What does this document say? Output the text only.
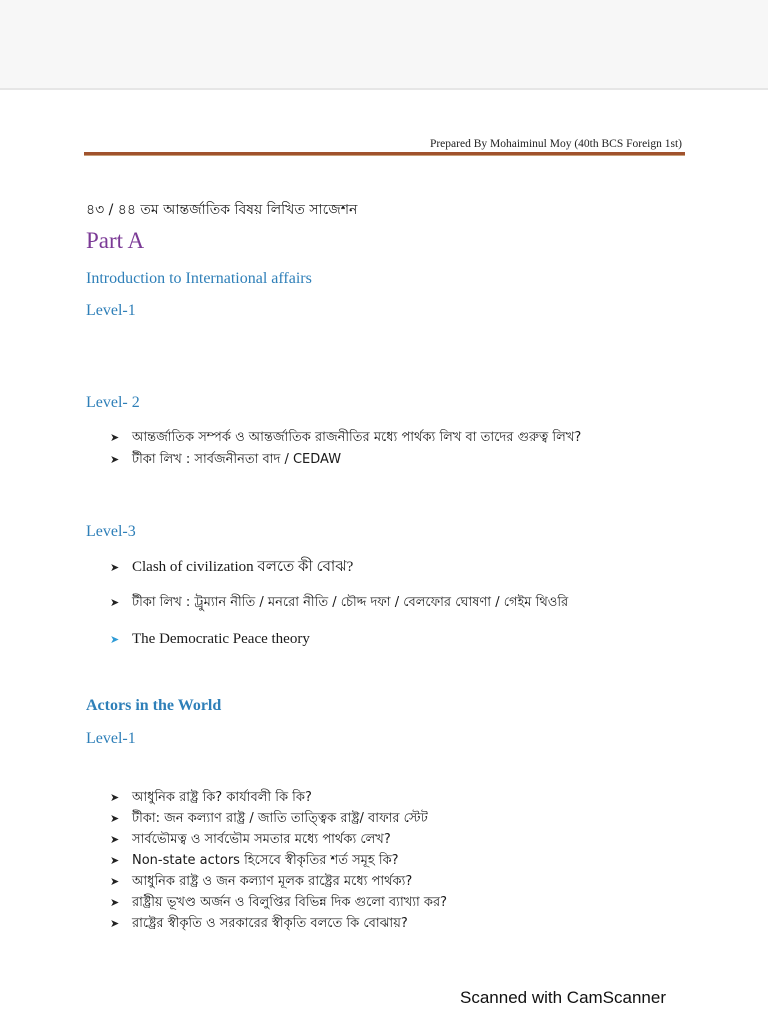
Prepared By Mohaiminul Moy (40th BCS Foreign 1st)
৪৩ / ৪৪ তম আন্তর্জাতিক বিষয় লিখিত সাজেশন
Part A
Introduction to International affairs
Level-1
Level- 2
➤ আন্তর্জাতিক সম্পর্ক ও আন্তর্জাতিক রাজনীতির মধ্যে পার্থক্য লিখ বা তাদের গুরুত্ব লিখ?
➤ টীকা লিখ : সার্বজনীনতা বাদ / CEDAW
Level-3
➤ Clash of civilization বলতে কী বোঝ?
➤ টীকা লিখ : ট্রুম্যান নীতি / মনরো নীতি / চৌদ্দ দফা / বেলফোর ঘোষণা / গেইম থিওরি
➤ The Democratic Peace theory
Actors in the World
Level-1
➤ আধুনিক রাষ্ট্র কি? কার্যাবলী কি কি?
➤ টীকা: জন কল্যাণ রাষ্ট্র / জাতি তাত্ত্বিক রাষ্ট্র/ বাফার স্টেট
➤ সার্বভৌমত্ব ও সার্বভৌম সমতার মধ্যে পার্থক্য লেখ?
➤ Non-state actors হিসেবে স্বীকৃতির শর্ত সমূহ কি?
➤ আধুনিক রাষ্ট্র ও জন কল্যাণ মূলক রাষ্ট্রের মধ্যে পার্থক্য?
➤ রাষ্ট্রীয় ভূখণ্ড অর্জন ও বিলুপ্তির বিভিন্ন দিক গুলো ব্যাখ্যা কর?
➤ রাষ্ট্রের স্বীকৃতি ও সরকারের স্বীকৃতি বলতে কি বোঝায়?
Scanned with CamScanner
